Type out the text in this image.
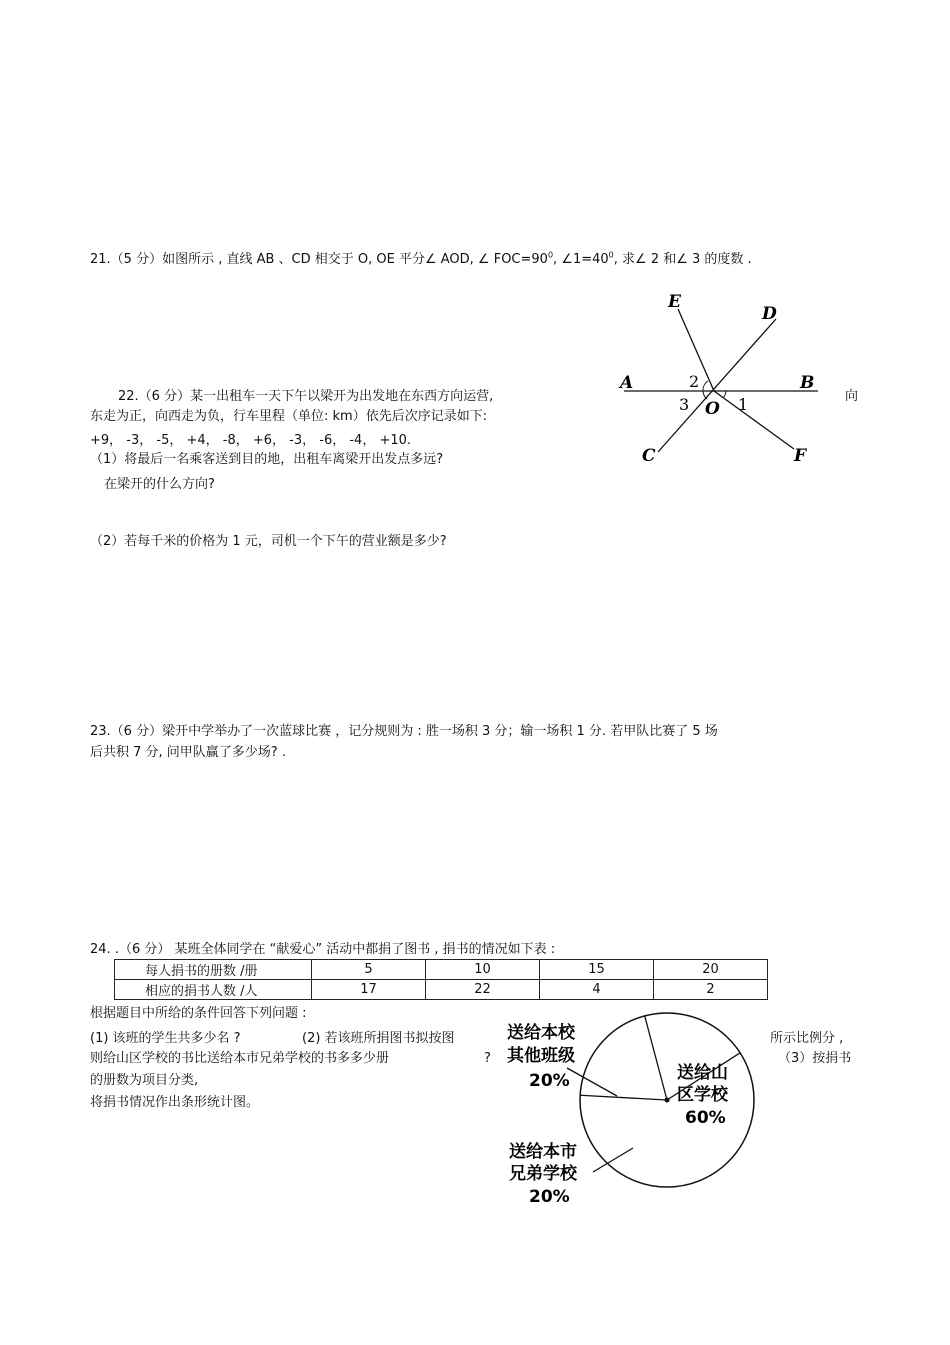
21.（5 分）如图所示 , 直线 AB 、CD 相交于 O, OE 平分∠ AOD, ∠ $FOC=90^0$, $\angle 1=40^0$, 求∠ 2 和∠ 3 的度数 .
E
D
A	B
O
C	F
2
3	1
22.（6 分）某一出租车一天下午以梁开为出发地在东西方向运营,	向
东走为正，向西走为负，行车里程（单位: km）依先后次序记录如下:
+9， -3， -5， +4， -8， +6， -3， -6， -4， +10.
（1）将最后一名乘客送到目的地，出租车离梁开出发点多远?
在梁开的什么方向?
（2）若每千米的价格为 1 元，司机一个下午的营业额是多少?
23.（6 分）梁开中学举办了一次蓝球比赛 ，记分规则为 : 胜一场积 3 分；输一场积 1 分. 若甲队比赛了 5 场
后共积 7 分, 问甲队赢了多少场? .
24. .（6 分） 某班全体同学在 “献爱心” 活动中都捐了图书 , 捐书的情况如下表 :
每人捐书的册数 /册	5	10	15	20
相应的捐书人数 /人	17	22	4	2
根据题目中所给的条件回答下列问题 :
(1) 该班的学生共多少名 ?	(2) 若该班所捐图书拟按图	所示比例分 ,
则给山区学校的书比送给本市兄弟学校的书多多少册	?	（3）按捐书
的册数为项目分类,
将捐书情况作出条形统计图。
送给本校
其他班级
20%	送给山
区学校
60%
送给本市
兄弟学校
20%
